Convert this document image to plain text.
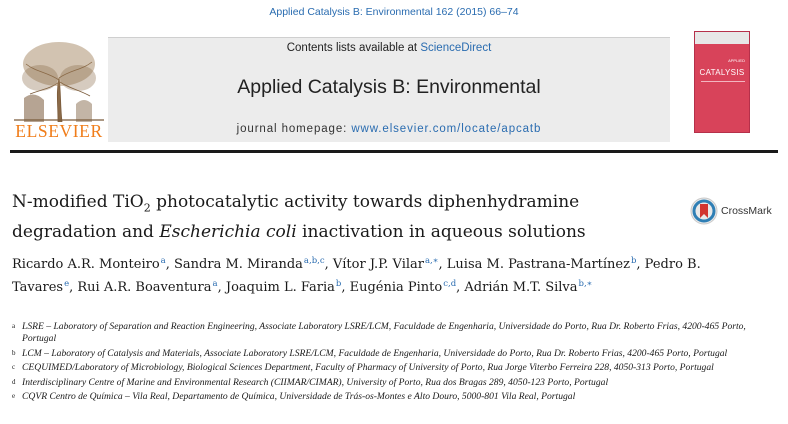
Applied Catalysis B: Environmental 162 (2015) 66–74
ELSEVIER
Contents lists available at ScienceDirect
Applied Catalysis B: Environmental
journal homepage: www.elsevier.com/locate/apcatb
APPLIED
CATALYSIS
N-modified TiO$_2$ photocatalytic activity towards diphenhydramine degradation and Escherichia coli inactivation in aqueous solutions
CrossMark
Ricardo A.R. Monteiro$^a$, Sandra M. Miranda$^{a,b,c}$, Vítor J.P. Vilar$^{a,∗}$, Luisa M. Pastrana-Martínez$^b$, Pedro B. Tavares$^e$, Rui A.R. Boaventura$^a$, Joaquim L. Faria$^b$, Eugénia Pinto$^{c,d}$, Adrián M.T. Silva$^{b,∗}$
a LSRE – Laboratory of Separation and Reaction Engineering, Associate Laboratory LSRE/LCM, Faculdade de Engenharia, Universidade do Porto, Rua Dr. Roberto Frias, 4200-465 Porto, Portugal
b LCM – Laboratory of Catalysis and Materials, Associate Laboratory LSRE/LCM, Faculdade de Engenharia, Universidade do Porto, Rua Dr. Roberto Frias, 4200-465 Porto, Portugal
c CEQUIMED/Laboratory of Microbiology, Biological Sciences Department, Faculty of Pharmacy of University of Porto, Rua Jorge Viterbo Ferreira 228, 4050-313 Porto, Portugal
d Interdisciplinary Centre of Marine and Environmental Research (CIIMAR/CIMAR), University of Porto, Rua dos Bragas 289, 4050-123 Porto, Portugal
e CQVR Centro de Química – Vila Real, Departamento de Química, Universidade de Trás-os-Montes e Alto Douro, 5000-801 Vila Real, Portugal
